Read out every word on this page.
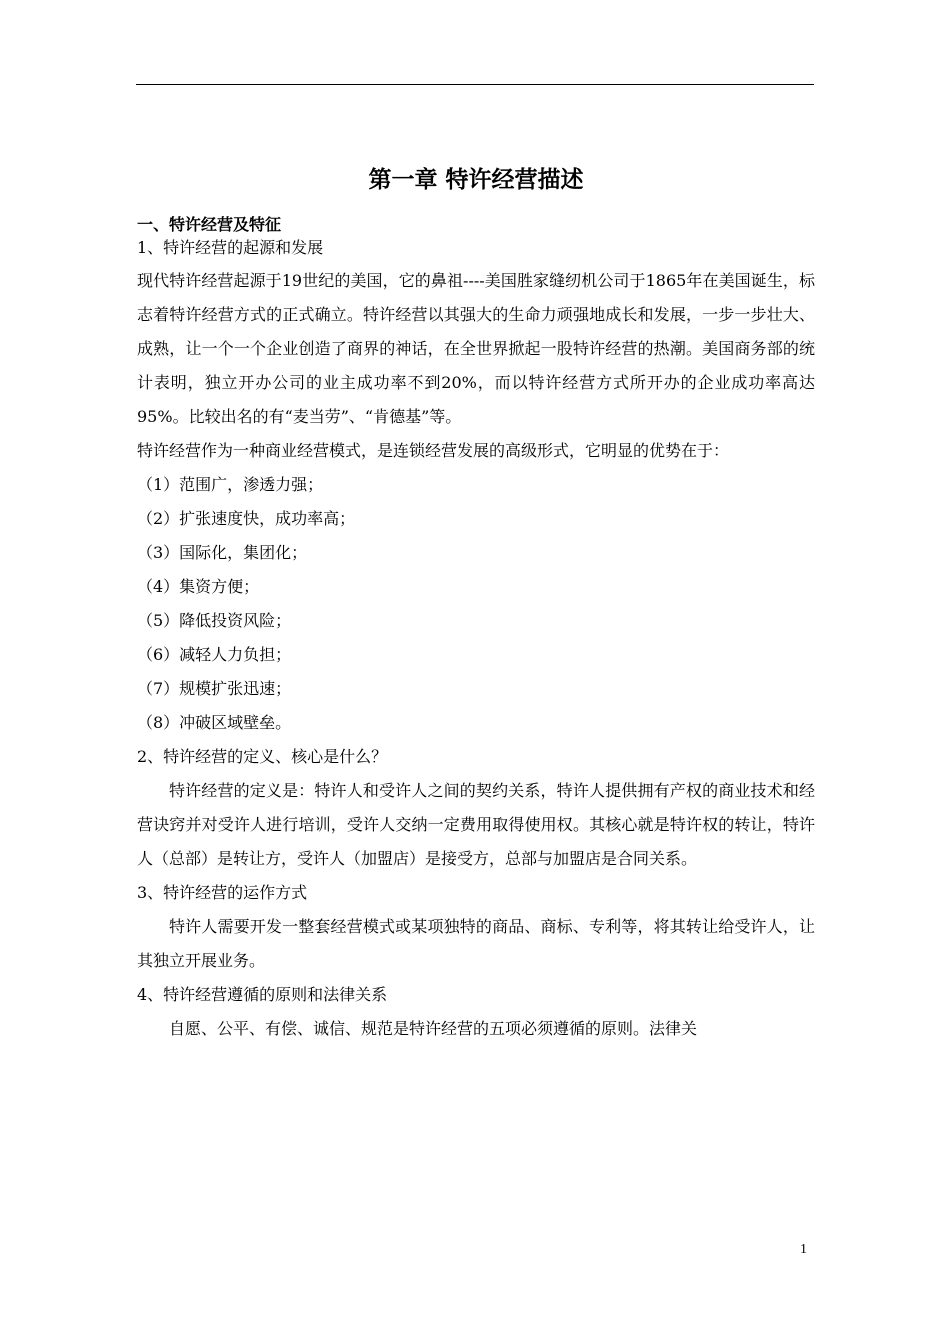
第一章 特许经营描述

一、特许经营及特征

1、特许经营的起源和发展

现代特许经营起源于19世纪的美国，它的鼻祖----美国胜家缝纫机公司于1865年在美国诞生，标志着特许经营方式的正式确立。特许经营以其强大的生命力顽强地成长和发展，一步一步壮大、成熟，让一个一个企业创造了商界的神话，在全世界掀起一股特许经营的热潮。美国商务部的统计表明，独立开办公司的业主成功率不到20%，而以特许经营方式所开办的企业成功率高达95%。比较出名的有“麦当劳”、“肯德基”等。

特许经营作为一种商业经营模式，是连锁经营发展的高级形式，它明显的优势在于：

（1）范围广，渗透力强；
（2）扩张速度快，成功率高；
（3）国际化，集团化；
（4）集资方便；
（5）降低投资风险；
（6）减轻人力负担；
（7）规模扩张迅速；
（8）冲破区域壁垒。

2、特许经营的定义、核心是什么？

特许经营的定义是：特许人和受许人之间的契约关系，特许人提供拥有产权的商业技术和经营诀窍并对受许人进行培训，受许人交纳一定费用取得使用权。其核心就是特许权的转让，特许人（总部）是转让方，受许人（加盟店）是接受方，总部与加盟店是合同关系。

3、特许经营的运作方式

特许人需要开发一整套经营模式或某项独特的商品、商标、专利等，将其转让给受许人，让其独立开展业务。

4、特许经营遵循的原则和法律关系

自愿、公平、有偿、诚信、规范是特许经营的五项必须遵循的原则。法律关

1
